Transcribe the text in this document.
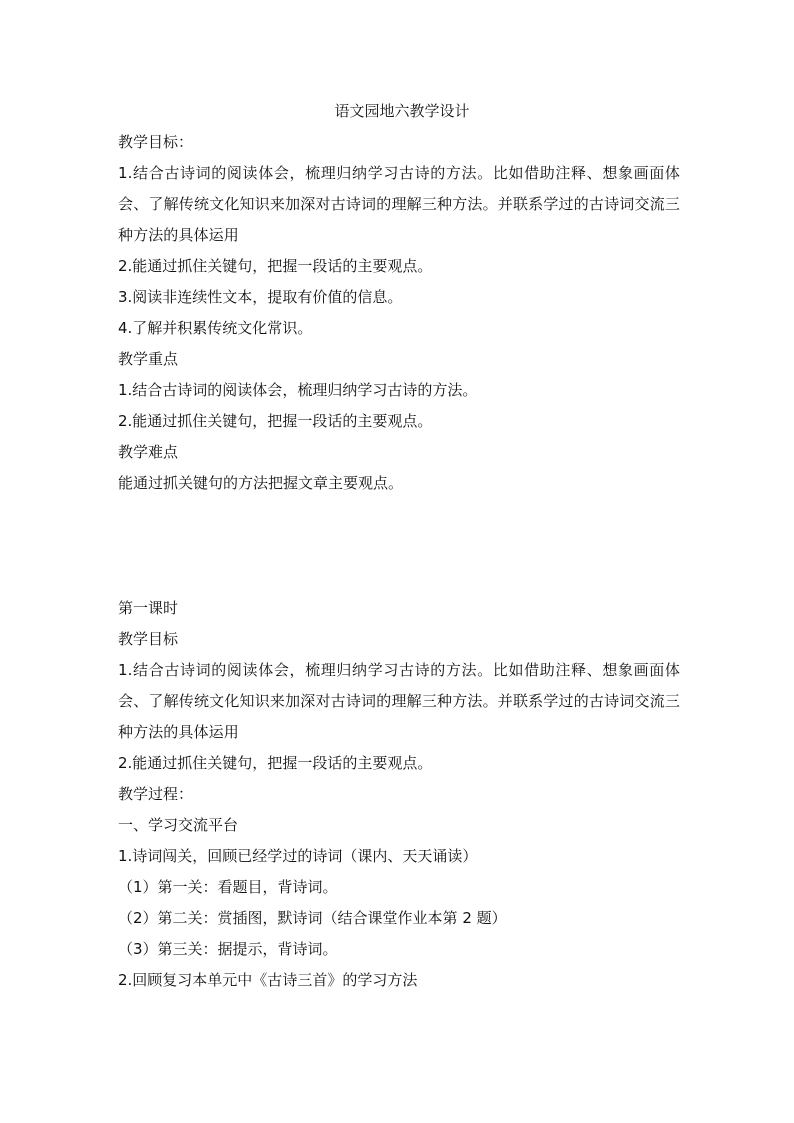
语文园地六教学设计

教学目标：

1.结合古诗词的阅读体会，梳理归纳学习古诗的方法。比如借助注释、想象画面体会、了解传统文化知识来加深对古诗词的理解三种方法。并联系学过的古诗词交流三种方法的具体运用

2.能通过抓住关键句，把握一段话的主要观点。

3.阅读非连续性文本，提取有价值的信息。

4.了解并积累传统文化常识。

教学重点

1.结合古诗词的阅读体会，梳理归纳学习古诗的方法。

2.能通过抓住关键句，把握一段话的主要观点。

教学难点

能通过抓关键句的方法把握文章主要观点。

第一课时

教学目标

1.结合古诗词的阅读体会，梳理归纳学习古诗的方法。比如借助注释、想象画面体会、了解传统文化知识来加深对古诗词的理解三种方法。并联系学过的古诗词交流三种方法的具体运用

2.能通过抓住关键句，把握一段话的主要观点。

教学过程：

一、学习交流平台

1.诗词闯关，回顾已经学过的诗词（课内、天天诵读）

（1）第一关：看题目，背诗词。

（2）第二关：赏插图，默诗词（结合课堂作业本第 2 题）

（3）第三关：据提示，背诗词。

2.回顾复习本单元中《古诗三首》的学习方法
